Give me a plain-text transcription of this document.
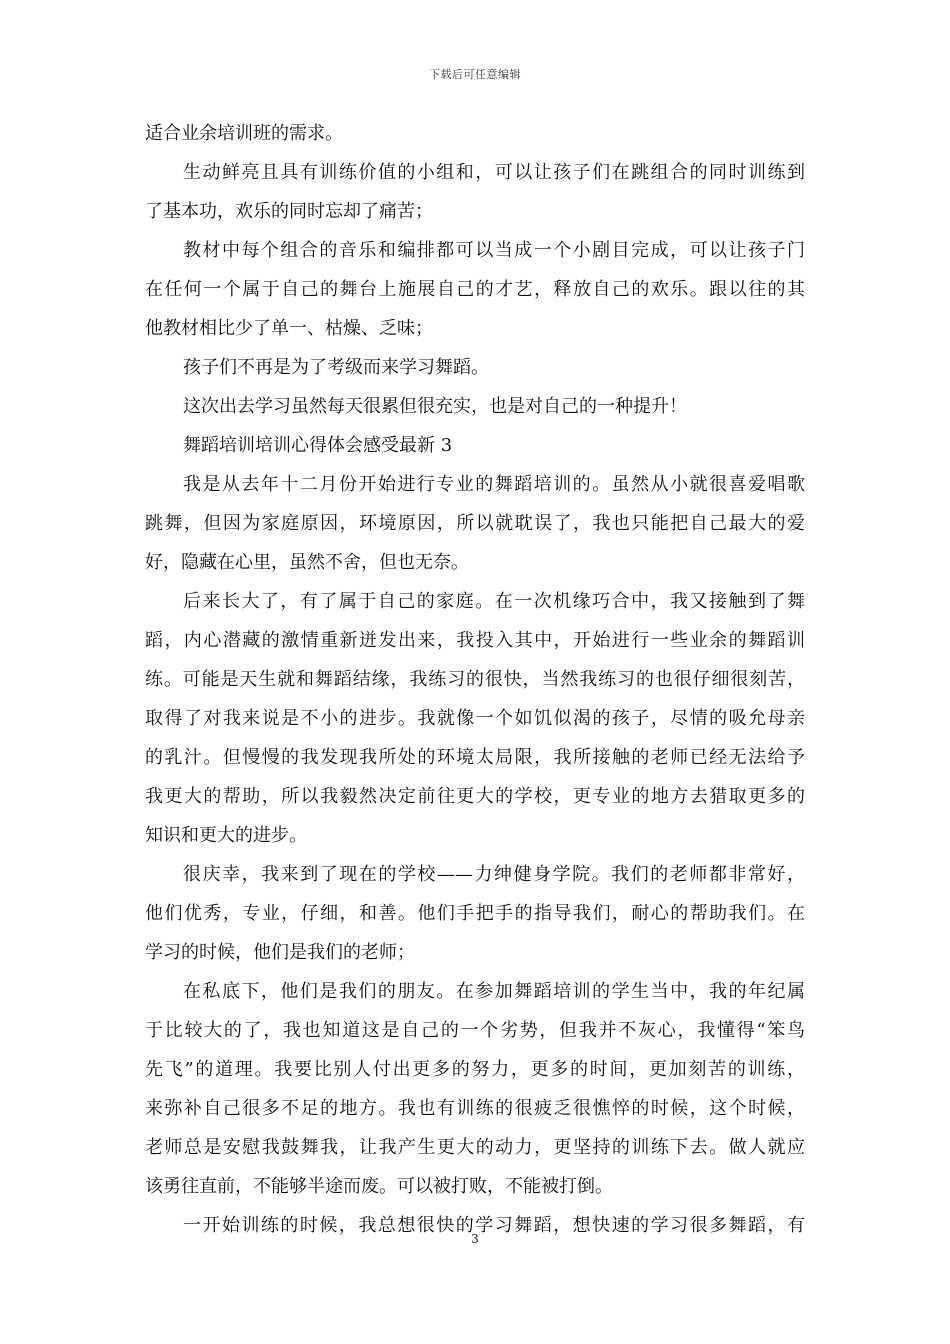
下载后可任意编辑
适合业余培训班的需求。
生动鲜亮且具有训练价值的小组和，可以让孩子们在跳组合的同时训练到
了基本功，欢乐的同时忘却了痛苦；
教材中每个组合的音乐和编排都可以当成一个小剧目完成，可以让孩子门
在任何一个属于自己的舞台上施展自己的才艺，释放自己的欢乐。跟以往的其
他教材相比少了单一、枯燥、乏味；
孩子们不再是为了考级而来学习舞蹈。
这次出去学习虽然每天很累但很充实，也是对自己的一种提升！
舞蹈培训培训心得体会感受最新 3
我是从去年十二月份开始进行专业的舞蹈培训的。虽然从小就很喜爱唱歌
跳舞，但因为家庭原因，环境原因，所以就耽误了，我也只能把自己最大的爱
好，隐藏在心里，虽然不舍，但也无奈。
后来长大了，有了属于自己的家庭。在一次机缘巧合中，我又接触到了舞
蹈，内心潜藏的激情重新迸发出来，我投入其中，开始进行一些业余的舞蹈训
练。可能是天生就和舞蹈结缘，我练习的很快，当然我练习的也很仔细很刻苦，
取得了对我来说是不小的进步。我就像一个如饥似渴的孩子，尽情的吸允母亲
的乳汁。但慢慢的我发现我所处的环境太局限，我所接触的老师已经无法给予
我更大的帮助，所以我毅然决定前往更大的学校，更专业的地方去猎取更多的
知识和更大的进步。
很庆幸，我来到了现在的学校——力绅健身学院。我们的老师都非常好，
他们优秀，专业，仔细，和善。他们手把手的指导我们，耐心的帮助我们。在
学习的时候，他们是我们的老师；
在私底下，他们是我们的朋友。在参加舞蹈培训的学生当中，我的年纪属
于比较大的了，我也知道这是自己的一个劣势，但我并不灰心，我懂得“笨鸟
先飞”的道理。我要比别人付出更多的努力，更多的时间，更加刻苦的训练，
来弥补自己很多不足的地方。我也有训练的很疲乏很憔悴的时候，这个时候，
老师总是安慰我鼓舞我，让我产生更大的动力，更坚持的训练下去。做人就应
该勇往直前，不能够半途而废。可以被打败，不能被打倒。
一开始训练的时候，我总想很快的学习舞蹈，想快速的学习很多舞蹈，有
3
